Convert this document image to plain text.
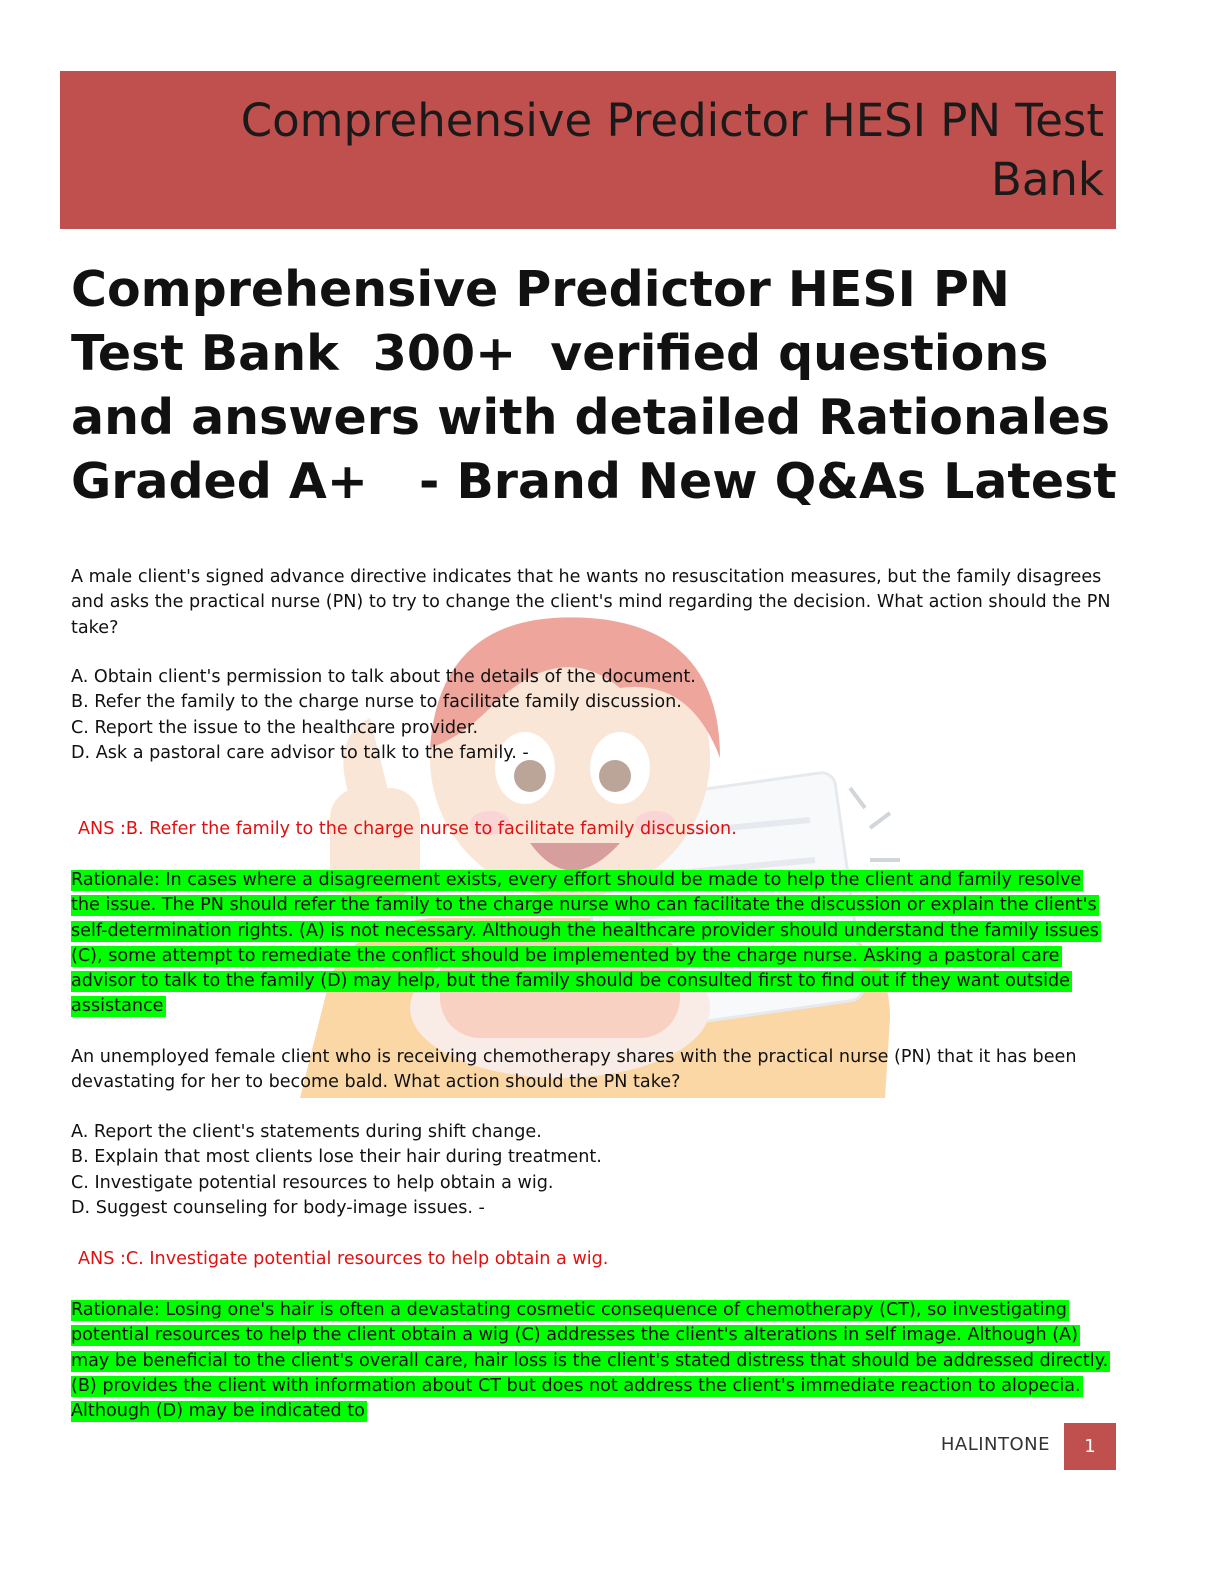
Comprehensive Predictor HESI PN Test Bank
Comprehensive Predictor HESI PN Test Bank  300+  verified questions and answers with detailed Rationales Graded A+   - Brand New Q&As Latest

A male client's signed advance directive indicates that he wants no resuscitation measures, but the family disagrees and asks the practical nurse (PN) to try to change the client's mind regarding the decision. What action should the PN take?

A. Obtain client's permission to talk about the details of the document.
B. Refer the family to the charge nurse to facilitate family discussion.
C. Report the issue to the healthcare provider.
D. Ask a pastoral care advisor to talk to the family. -
ANS :B. Refer the family to the charge nurse to facilitate family discussion.
Rationale: In cases where a disagreement exists, every effort should be made to help the client and family resolve the issue. The PN should refer the family to the charge nurse who can facilitate the discussion or explain the client's self-determination rights. (A) is not necessary. Although the healthcare provider should understand the family issues (C), some attempt to remediate the conflict should be implemented by the charge nurse. Asking a pastoral care advisor to talk to the family (D) may help, but the family should be consulted first to find out if they want outside assistance

An unemployed female client who is receiving chemotherapy shares with the practical nurse (PN) that it has been devastating for her to become bald. What action should the PN take?

A. Report the client's statements during shift change.
B. Explain that most clients lose their hair during treatment.
C. Investigate potential resources to help obtain a wig.
D. Suggest counseling for body-image issues. -
ANS :C. Investigate potential resources to help obtain a wig.
Rationale: Losing one's hair is often a devastating cosmetic consequence of chemotherapy (CT), so investigating potential resources to help the client obtain a wig (C) addresses the client's alterations in self image. Although (A) may be beneficial to the client's overall care, hair loss is the client's stated distress that should be addressed directly. (B) provides the client with information about CT but does not address the client's immediate reaction to alopecia. Although (D) may be indicated to
HALINTONE	1
